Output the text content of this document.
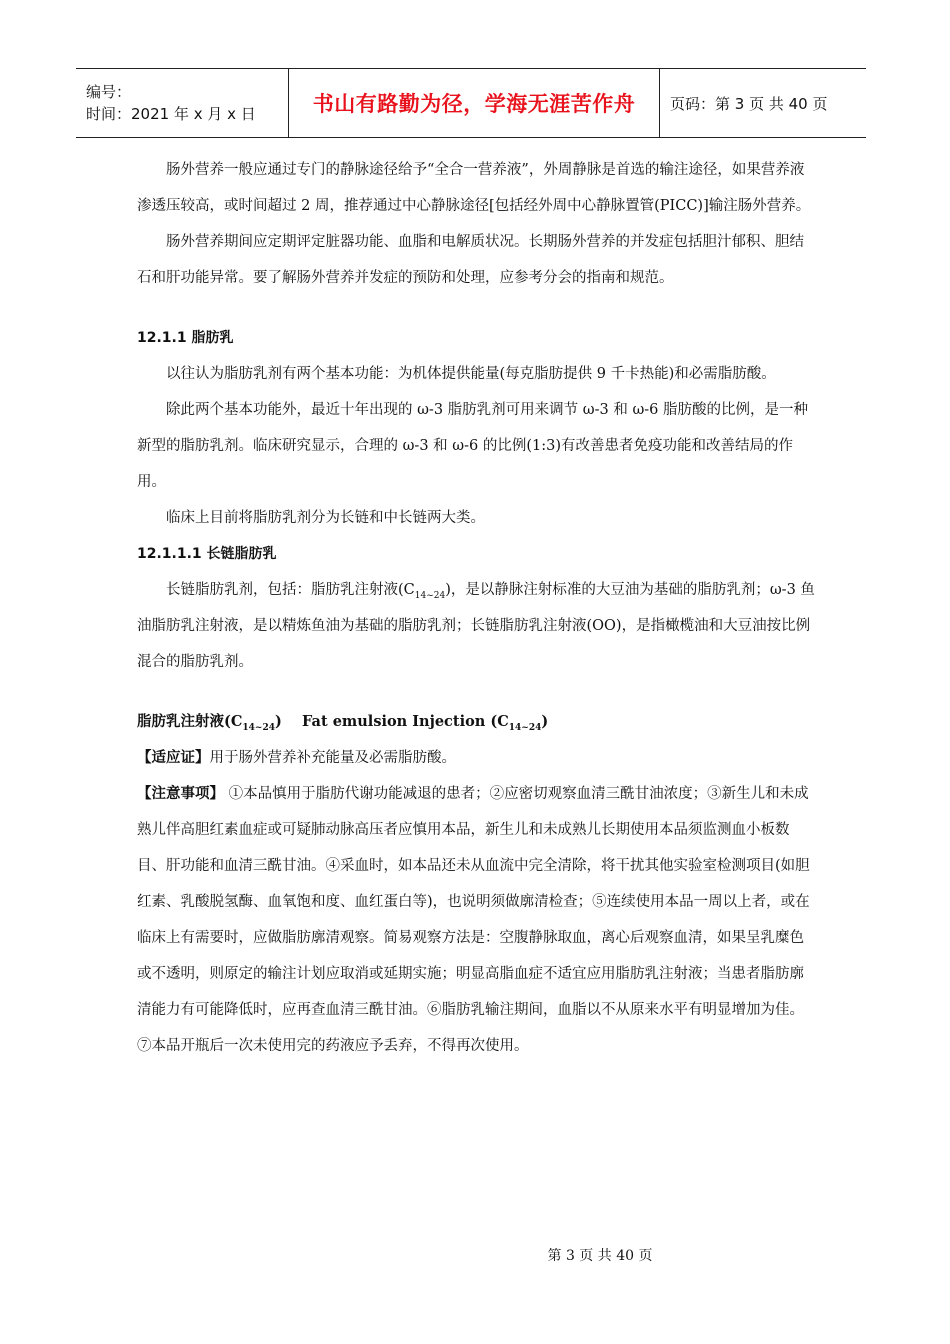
编号：
时间：2021 年 x 月 x 日	书山有路勤为径，学海无涯苦作舟	页码：第 3 页 共 40 页

肠外营养一般应通过专门的静脉途径给予“全合一营养液”，外周静脉是首选的输注途径，如果营养液渗透压较高，或时间超过 2 周，推荐通过中心静脉途径[包括经外周中心静脉置管(PICC)]输注肠外营养。

肠外营养期间应定期评定脏器功能、血脂和电解质状况。长期肠外营养的并发症包括胆汁郁积、胆结石和肝功能异常。要了解肠外营养并发症的预防和处理，应参考分会的指南和规范。

12.1.1 脂肪乳

以往认为脂肪乳剂有两个基本功能：为机体提供能量(每克脂肪提供 9 千卡热能)和必需脂肪酸。

除此两个基本功能外，最近十年出现的 ω-3 脂肪乳剂可用来调节 ω-3 和 ω-6 脂肪酸的比例，是一种新型的脂肪乳剂。临床研究显示，合理的 ω-3 和 ω-6 的比例(1:3)有改善患者免疫功能和改善结局的作用。

临床上目前将脂肪乳剂分为长链和中长链两大类。

12.1.1.1 长链脂肪乳

长链脂肪乳剂，包括：脂肪乳注射液$(C_{14\sim 24})$，是以静脉注射标准的大豆油为基础的脂肪乳剂；ω-3 鱼油脂肪乳注射液，是以精炼鱼油为基础的脂肪乳剂；长链脂肪乳注射液(OO)，是指橄榄油和大豆油按比例混合的脂肪乳剂。

脂肪乳注射液$(C_{14\sim 24})$    Fat emulsion Injection $(C_{14\sim 24})$

【适应证】用于肠外营养补充能量及必需脂肪酸。

【注意事项】 ①本品慎用于脂肪代谢功能减退的患者；②应密切观察血清三酰甘油浓度；③新生儿和未成熟儿伴高胆红素血症或可疑肺动脉高压者应慎用本品，新生儿和未成熟儿长期使用本品须监测血小板数目、肝功能和血清三酰甘油。④采血时，如本品还未从血流中完全清除，将干扰其他实验室检测项目(如胆红素、乳酸脱氢酶、血氧饱和度、血红蛋白等)，也说明须做廓清检查；⑤连续使用本品一周以上者，或在临床上有需要时，应做脂肪廓清观察。简易观察方法是：空腹静脉取血，离心后观察血清，如果呈乳糜色或不透明，则原定的输注计划应取消或延期实施；明显高脂血症不适宜应用脂肪乳注射液；当患者脂肪廓清能力有可能降低时，应再查血清三酰甘油。⑥脂肪乳输注期间，血脂以不从原来水平有明显增加为佳。⑦本品开瓶后一次未使用完的药液应予丢弃，不得再次使用。

第 3 页 共 40 页
